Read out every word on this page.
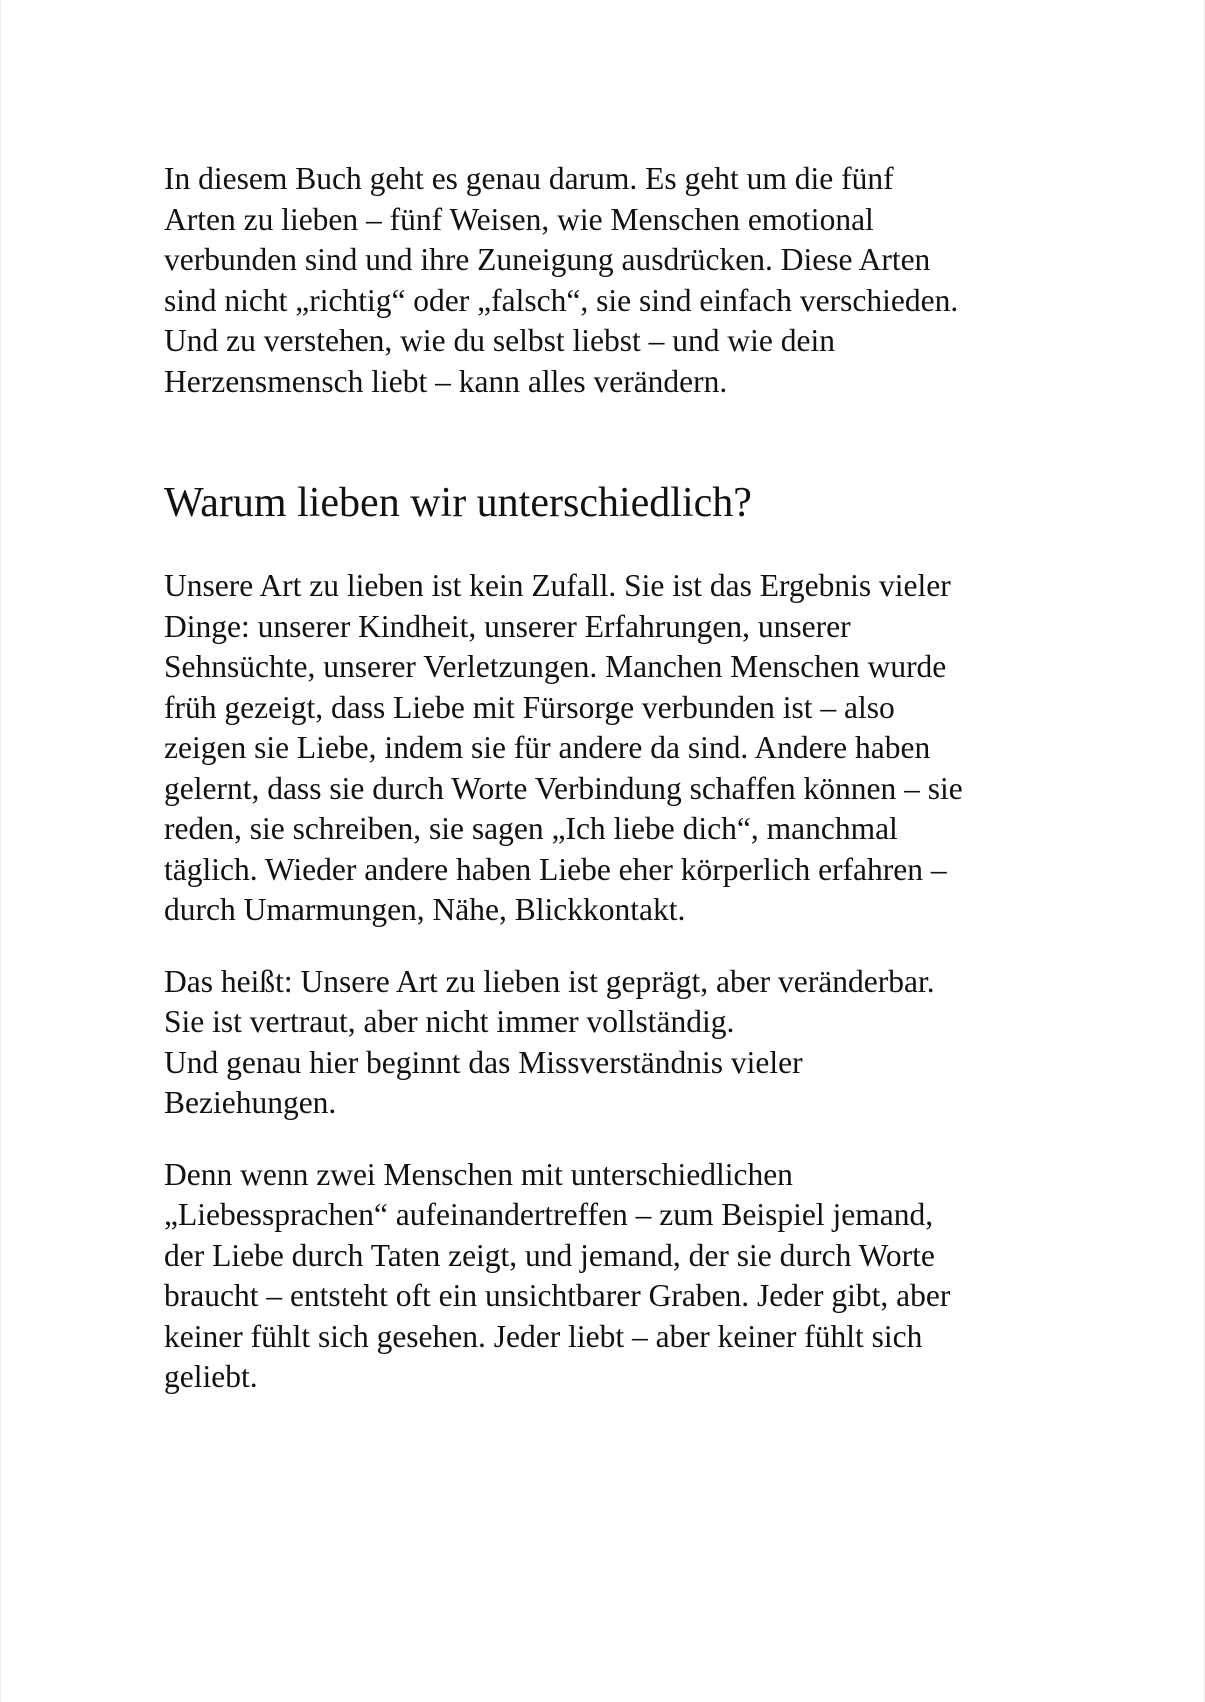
In diesem Buch geht es genau darum. Es geht um die fünf
Arten zu lieben – fünf Weisen, wie Menschen emotional
verbunden sind und ihre Zuneigung ausdrücken. Diese Arten
sind nicht „richtig“ oder „falsch“, sie sind einfach verschieden.
Und zu verstehen, wie du selbst liebst – und wie dein
Herzensmensch liebt – kann alles verändern.

Warum lieben wir unterschiedlich?

Unsere Art zu lieben ist kein Zufall. Sie ist das Ergebnis vieler
Dinge: unserer Kindheit, unserer Erfahrungen, unserer
Sehnsüchte, unserer Verletzungen. Manchen Menschen wurde
früh gezeigt, dass Liebe mit Fürsorge verbunden ist – also
zeigen sie Liebe, indem sie für andere da sind. Andere haben
gelernt, dass sie durch Worte Verbindung schaffen können – sie
reden, sie schreiben, sie sagen „Ich liebe dich“, manchmal
täglich. Wieder andere haben Liebe eher körperlich erfahren –
durch Umarmungen, Nähe, Blickkontakt.

Das heißt: Unsere Art zu lieben ist geprägt, aber veränderbar.
Sie ist vertraut, aber nicht immer vollständig.
Und genau hier beginnt das Missverständnis vieler
Beziehungen.

Denn wenn zwei Menschen mit unterschiedlichen
„Liebessprachen“ aufeinandertreffen – zum Beispiel jemand,
der Liebe durch Taten zeigt, und jemand, der sie durch Worte
braucht – entsteht oft ein unsichtbarer Graben. Jeder gibt, aber
keiner fühlt sich gesehen. Jeder liebt – aber keiner fühlt sich
geliebt.
